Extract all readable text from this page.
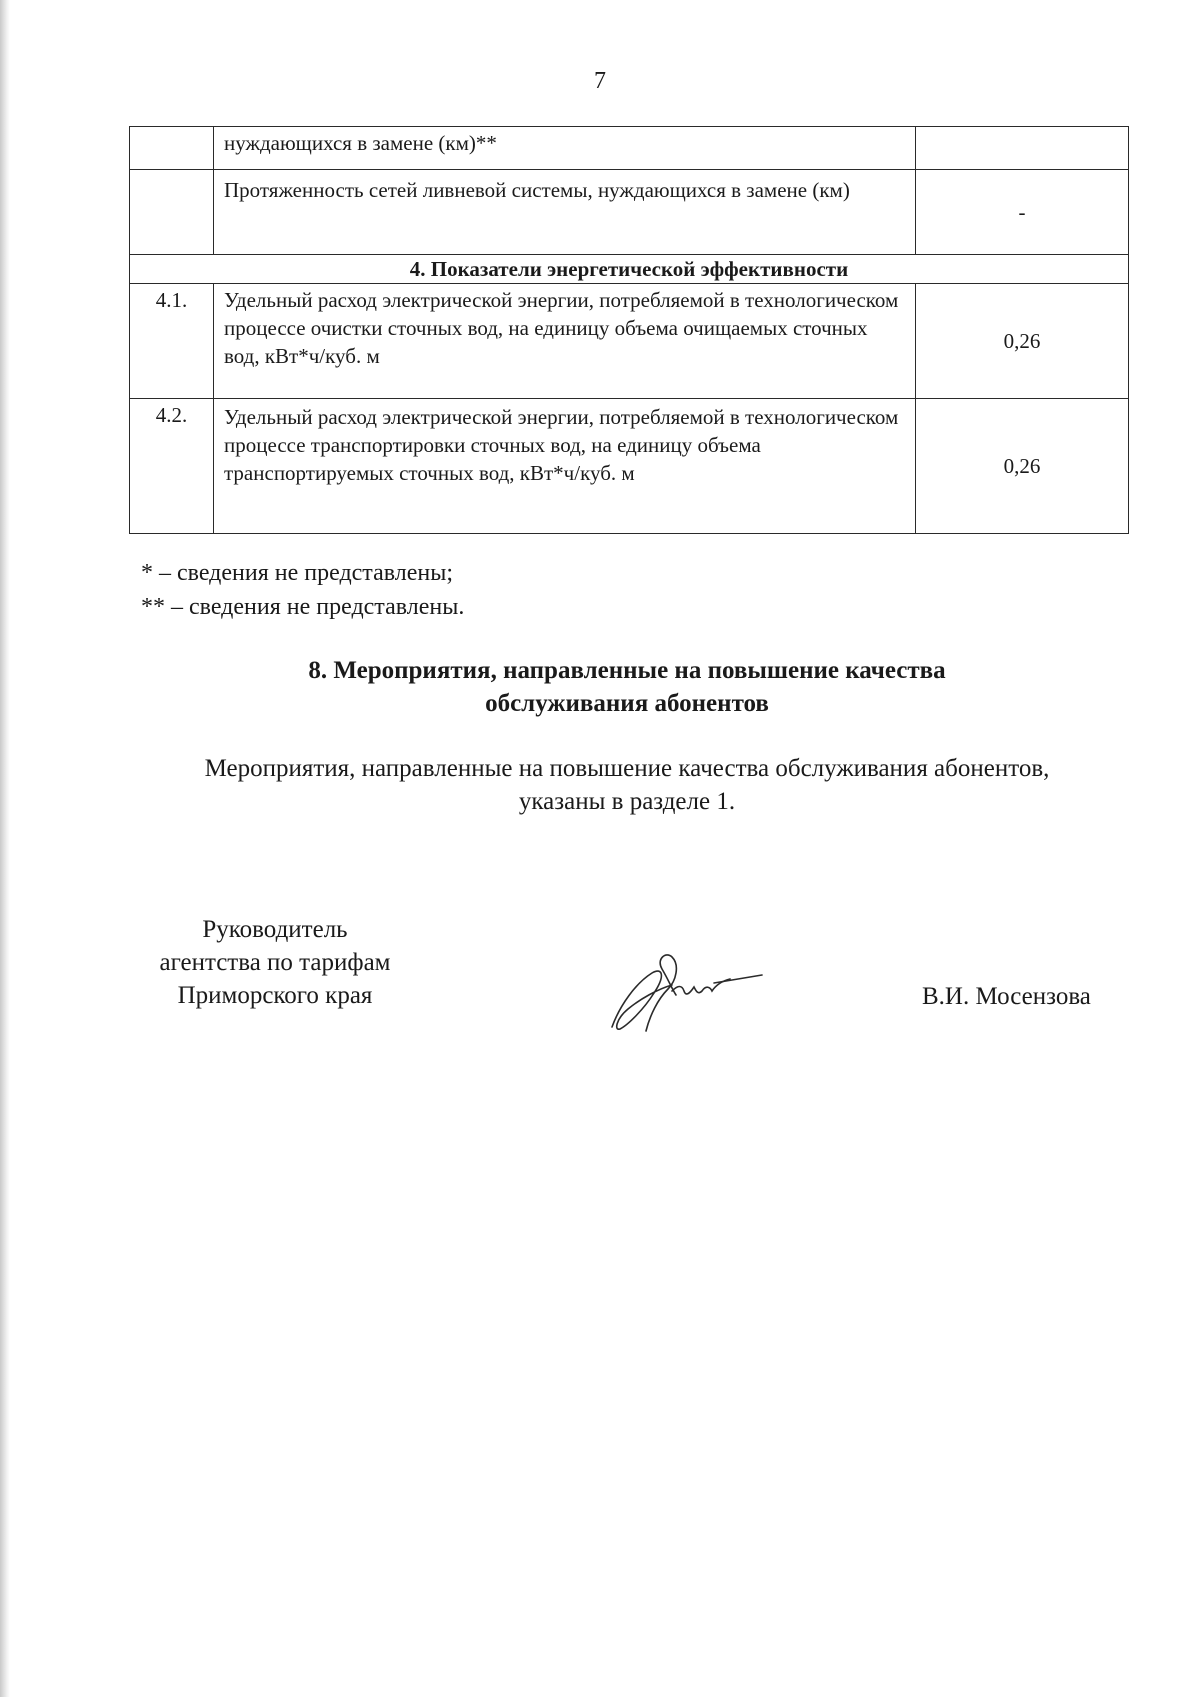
7
	нуждающихся в замене (км)**	
	Протяженность сетей ливневой системы, нуждающихся в замене (км)	-
4. Показатели энергетической эффективности		
4.1.	Удельный расход электрической энергии, потребляемой в технологическом процессе очистки сточных вод, на единицу объема очищаемых сточных вод, кВт*ч/куб. м	0,26
4.2.	Удельный расход электрической энергии, потребляемой в технологическом процессе транспортировки сточных вод, на единицу объема транспортируемых сточных вод, кВт*ч/куб. м	0,26
* – сведения не представлены;
** – сведения не представлены.
8. Мероприятия, направленные на повышение качества
обслуживания абонентов
Мероприятия, направленные на повышение качества обслуживания абонентов,
указаны в разделе 1.
Руководитель
агентства по тарифам
Приморского края	В.И. Мосензова
